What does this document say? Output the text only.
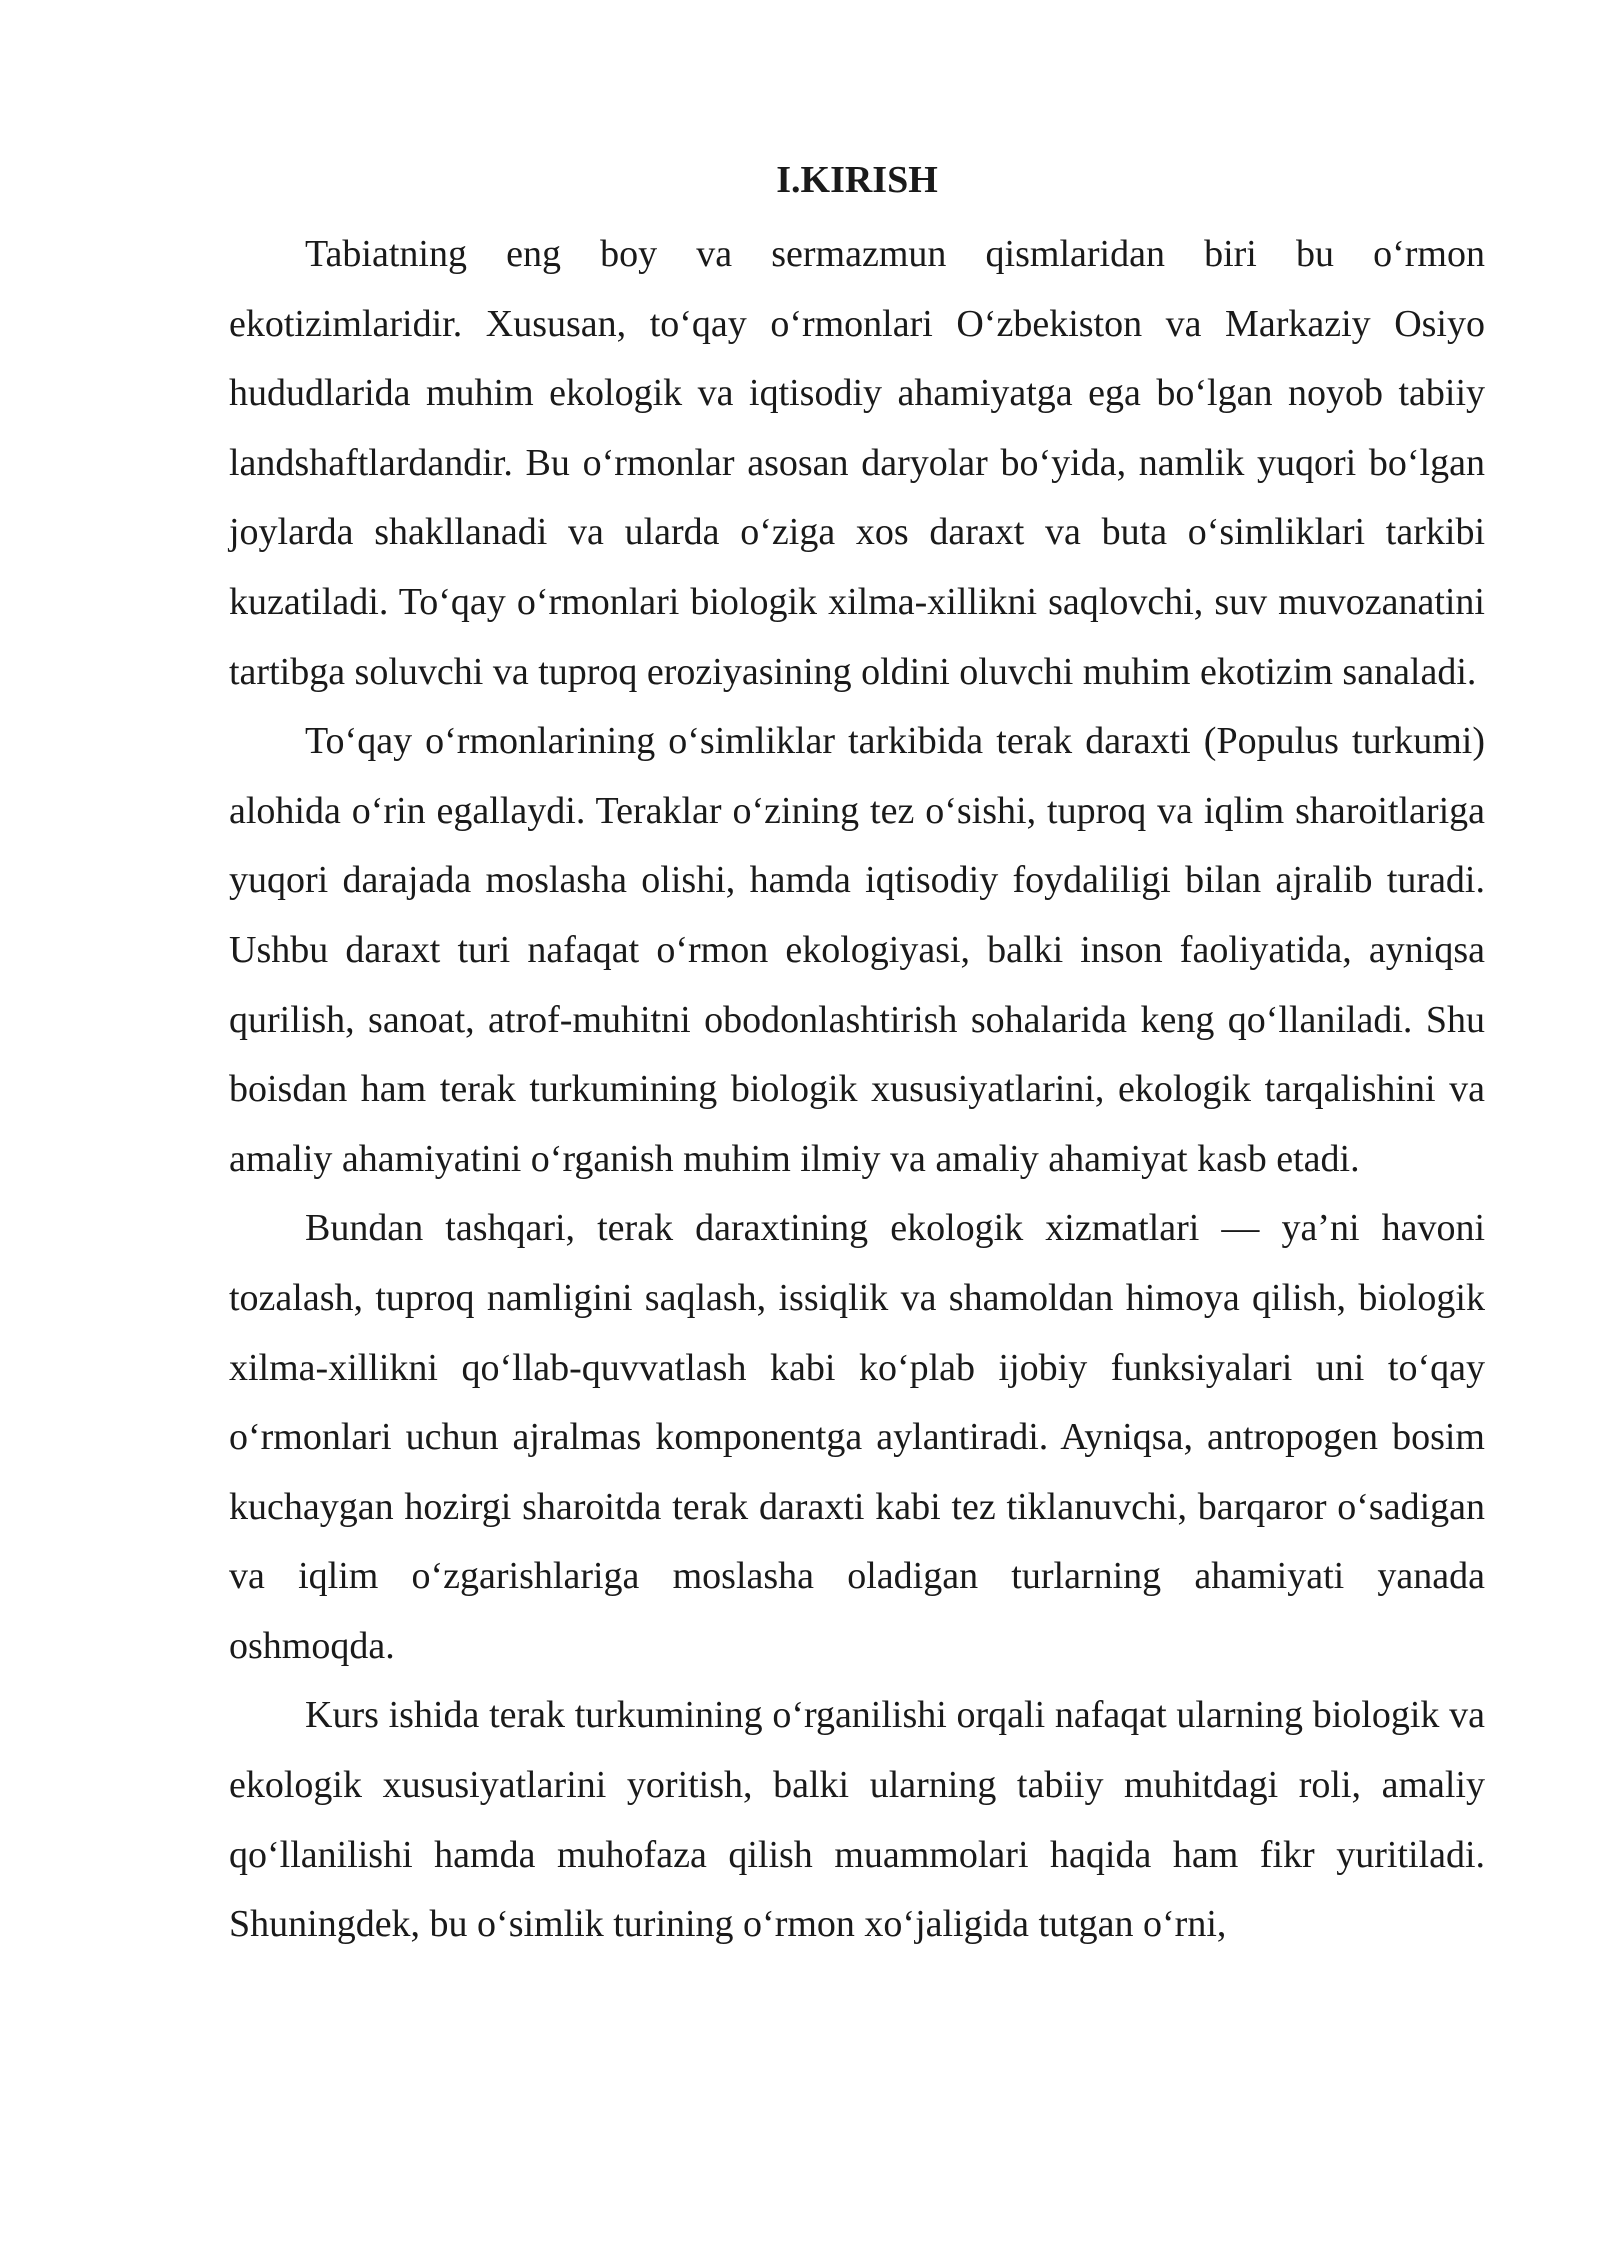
I.KIRISH

Tabiatning eng boy va sermazmun qismlaridan biri bu o‘rmon ekotizimlaridir. Xususan, to‘qay o‘rmonlari O‘zbekiston va Markaziy Osiyo hududlarida muhim ekologik va iqtisodiy ahamiyatga ega bo‘lgan noyob tabiiy landshaftlardandir. Bu o‘rmonlar asosan daryolar bo‘yida, namlik yuqori bo‘lgan joylarda shakllanadi va ularda o‘ziga xos daraxt va buta o‘simliklari tarkibi kuzatiladi. To‘qay o‘rmonlari biologik xilma-xillikni saqlovchi, suv muvozanatini tartibga soluvchi va tuproq eroziyasining oldini oluvchi muhim ekotizim sanaladi.

To‘qay o‘rmonlarining o‘simliklar tarkibida terak daraxti (Populus turkumi) alohida o‘rin egallaydi. Teraklar o‘zining tez o‘sishi, tuproq va iqlim sharoitlariga yuqori darajada moslasha olishi, hamda iqtisodiy foydaliligi bilan ajralib turadi. Ushbu daraxt turi nafaqat o‘rmon ekologiyasi, balki inson faoliyatida, ayniqsa qurilish, sanoat, atrof-muhitni obodonlashtirish sohalarida keng qo‘llaniladi. Shu boisdan ham terak turkumining biologik xususiyatlarini, ekologik tarqalishini va amaliy ahamiyatini o‘rganish muhim ilmiy va amaliy ahamiyat kasb etadi.

Bundan tashqari, terak daraxtining ekologik xizmatlari — ya’ni havoni tozalash, tuproq namligini saqlash, issiqlik va shamoldan himoya qilish, biologik xilma-xillikni qo‘llab-quvvatlash kabi ko‘plab ijobiy funksiyalari uni to‘qay o‘rmonlari uchun ajralmas komponentga aylantiradi. Ayniqsa, antropogen bosim kuchaygan hozirgi sharoitda terak daraxti kabi tez tiklanuvchi, barqaror o‘sadigan va iqlim o‘zgarishlariga moslasha oladigan turlarning ahamiyati yanada oshmoqda.

Kurs ishida terak turkumining o‘rganilishi orqali nafaqat ularning biologik va ekologik xususiyatlarini yoritish, balki ularning tabiiy muhitdagi roli, amaliy qo‘llanilishi hamda muhofaza qilish muammolari haqida ham fikr yuritiladi. Shuningdek, bu o‘simlik turining o‘rmon xo‘jaligida tutgan o‘rni,
